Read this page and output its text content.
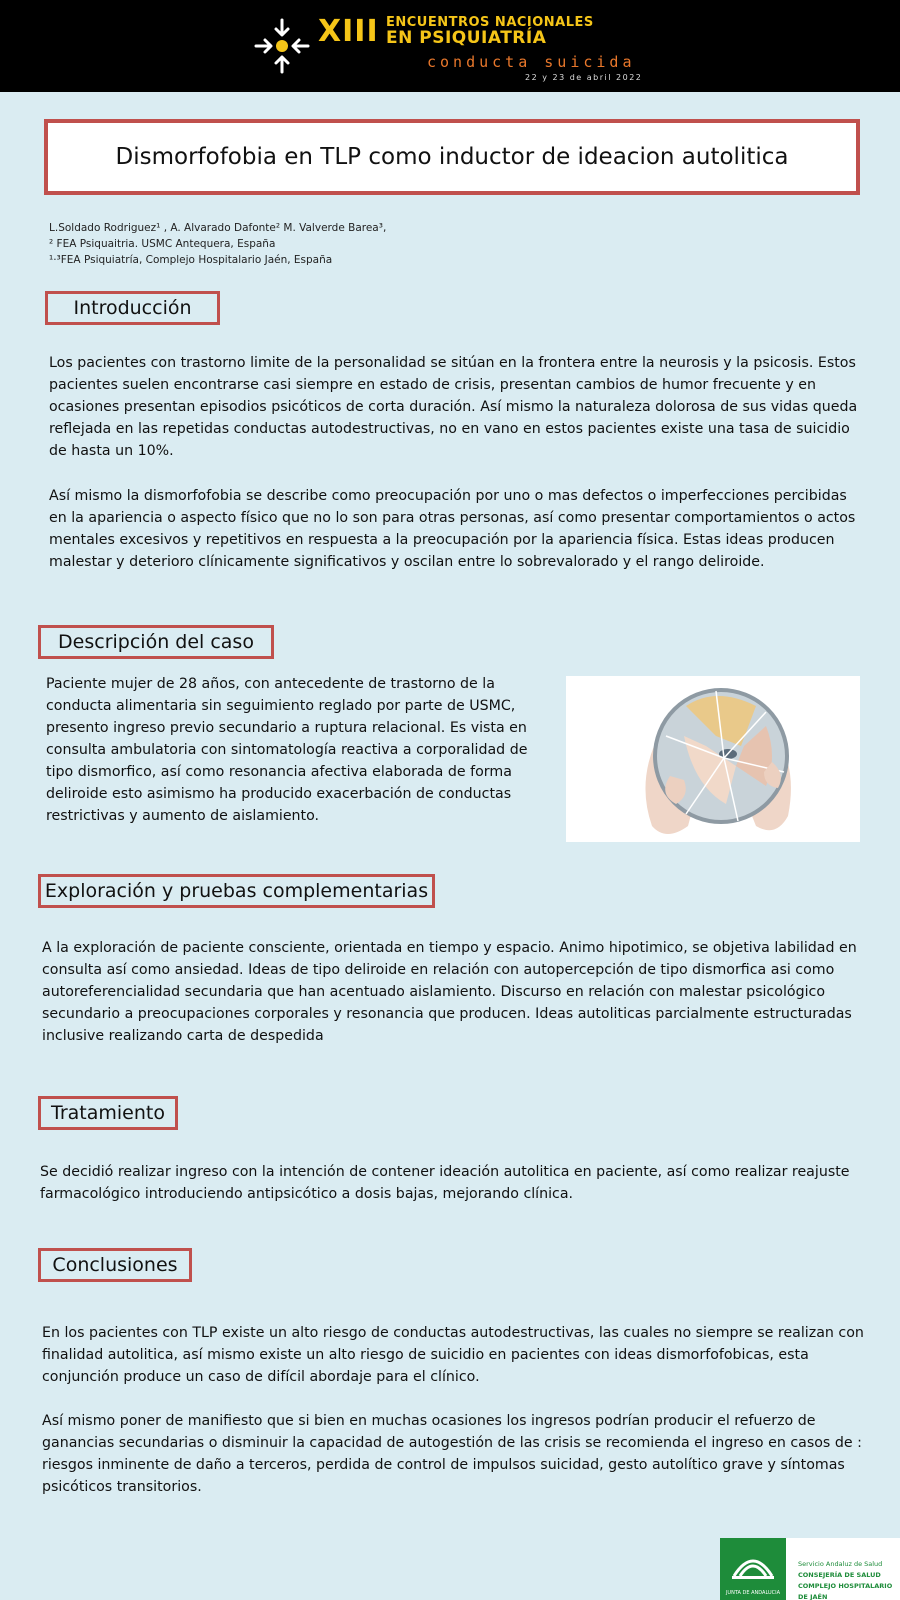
XIII ENCUENTROS NACIONALES
EN PSIQUIATRÍA
conducta suicida
22 y 23 de abril 2022
Dismorfofobia en TLP como inductor de ideacion autolitica
L.Soldado Rodriguez¹ , A. Alvarado Dafonte² M. Valverde Barea³,
² FEA Psiquaitria. USMC Antequera, España
¹·³FEA Psiquiatría, Complejo Hospitalario Jaén, España
Introducción
Los pacientes con trastorno limite de la personalidad se sitúan en la frontera entre la neurosis y la psicosis. Estos pacientes suelen encontrarse casi siempre en estado de crisis, presentan cambios de humor frecuente y en ocasiones presentan episodios psicóticos de corta duración. Así mismo la naturaleza dolorosa de sus vidas queda reflejada en las repetidas conductas autodestructivas, no en vano en estos pacientes existe una tasa de suicidio de hasta un 10%.
Así mismo la dismorfofobia se describe como preocupación por uno o mas defectos o imperfecciones percibidas en la apariencia o aspecto físico que no lo son para otras personas, así como presentar comportamientos o actos mentales excesivos y repetitivos en respuesta a la preocupación por la apariencia física. Estas ideas producen malestar y deterioro clínicamente significativos y oscilan entre lo sobrevalorado y el rango deliroide.
Descripción del caso
Paciente mujer de 28 años, con antecedente de trastorno de la conducta alimentaria sin seguimiento reglado por parte de USMC, presento ingreso previo secundario a ruptura relacional. Es vista en consulta ambulatoria con sintomatología reactiva a corporalidad de tipo dismorfico, así como resonancia afectiva elaborada de forma deliroide esto asimismo ha producido exacerbación de conductas restrictivas y aumento de aislamiento.
Exploración y pruebas complementarias
A la exploración de paciente consciente, orientada en tiempo y espacio. Animo hipotimico, se objetiva labilidad en consulta así como ansiedad. Ideas de tipo deliroide en relación con autopercepción de tipo dismorfica asi como autoreferencialidad secundaria que han acentuado aislamiento. Discurso en relación con malestar psicológico secundario a preocupaciones corporales y resonancia que producen. Ideas autoliticas parcialmente estructuradas inclusive realizando carta de despedida
Tratamiento
Se decidió realizar ingreso con la intención de contener ideación autolitica en paciente, así como realizar reajuste farmacológico introduciendo antipsicótico a dosis bajas, mejorando clínica.
Conclusiones
En los pacientes con TLP existe un alto riesgo de conductas autodestructivas, las cuales no siempre se realizan con finalidad autolitica, así mismo existe un alto riesgo de suicidio en pacientes con ideas dismorfofobicas, esta conjunción produce un caso de difícil abordaje para el clínico.
Así mismo poner de manifiesto que si bien en muchas ocasiones los ingresos podrían producir el refuerzo de ganancias secundarias o disminuir la capacidad de autogestión de las crisis se recomienda el ingreso en casos de : riesgos inminente de daño a terceros, perdida de control de impulsos suicidad, gesto autolítico grave y síntomas psicóticos transitorios.
JUNTA DE ANDALUCIA
Servicio Andaluz de Salud
CONSEJERÍA DE SALUD
COMPLEJO HOSPITALARIO DE JAÉN
